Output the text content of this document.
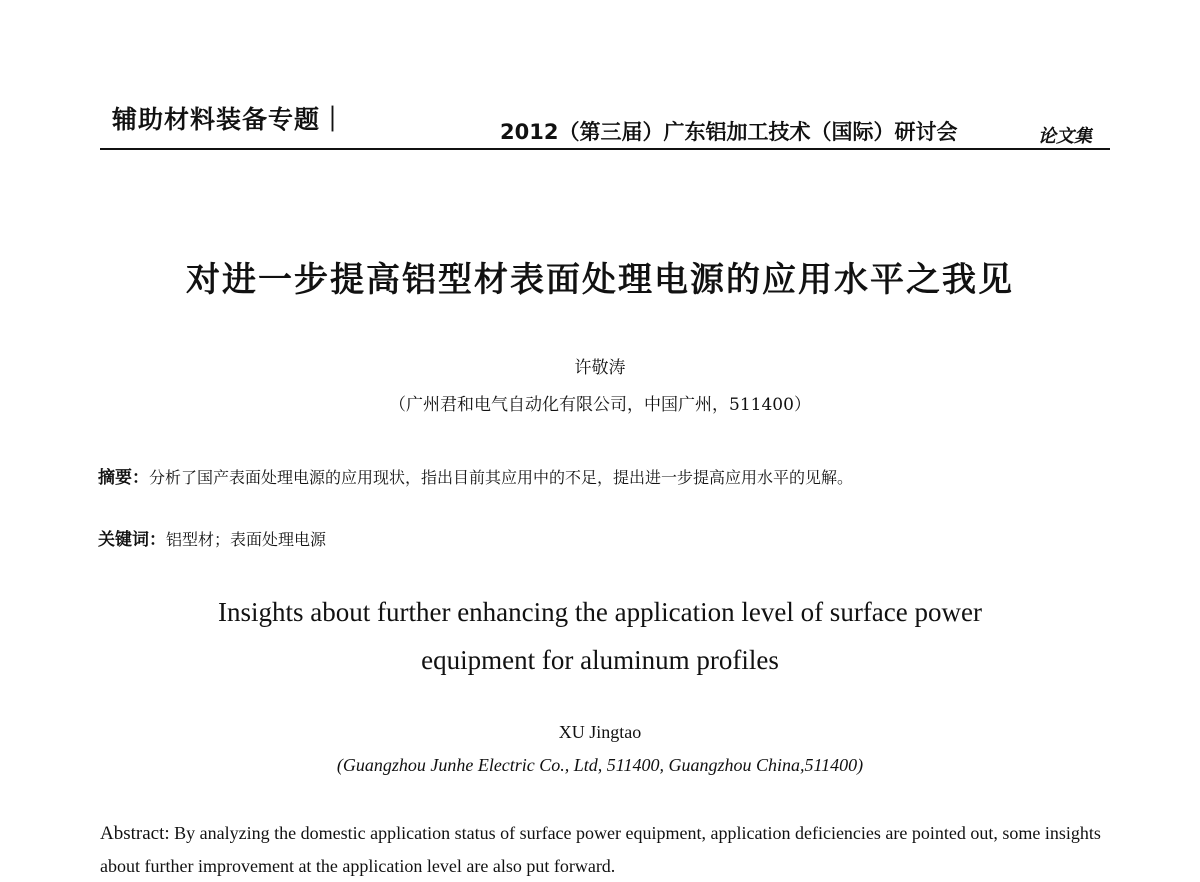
辅助材料装备专题｜	2012（第三届）广东铝加工技术（国际）研讨会	论文集
对进一步提高铝型材表面处理电源的应用水平之我见
许敬涛
（广州君和电气自动化有限公司，中国广州，511400）
摘要：分析了国产表面处理电源的应用现状，指出目前其应用中的不足，提出进一步提高应用水平的见解。
关键词：铝型材；表面处理电源
Insights about further enhancing the application level of surface power
equipment for aluminum profiles
XU Jingtao
(Guangzhou Junhe Electric Co., Ltd, 511400, Guangzhou China,511400)
Abstract: By analyzing the domestic application status of surface power equipment, application deficiencies are pointed out, some insights about further improvement at the application level are also put forward.
